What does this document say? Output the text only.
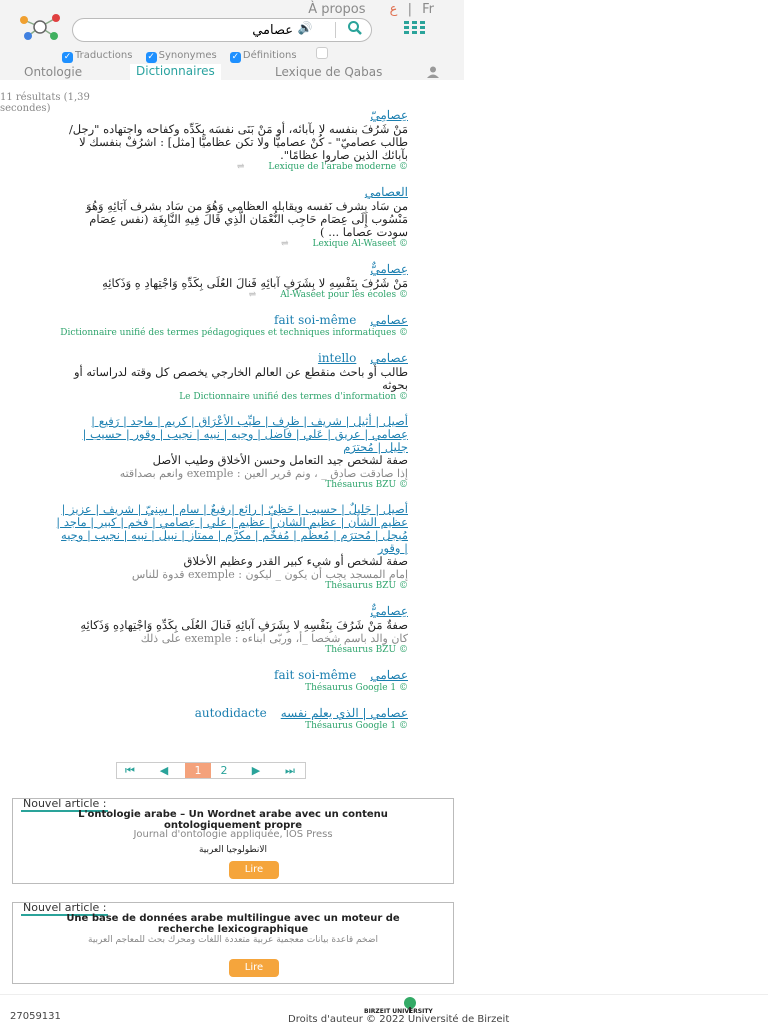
À propos ع | Fr
عصامي
🔊
✓ Traductions ✓ Synonymes ✓ Définitions
Ontologie	Dictionnaires	Lexique de Qabas
11 résultats (1,39 secondes)	عِصامِيّ
مَنْ شَرُفَ بنفسه لا بآبائه، أو مَنْ بَنَى نفسَه بكَدِّه وكفاحه واجتهاده "رجل/ طالب عصاميّ" - كُنْ عصاميًّا ولا تكن عظاميًّا [مثل] : اشرُفْ بنفسك لا بآبائك الذين صاروا عظامًا".
⇌	Lexique de l'arabe moderne ©
العصامي
من سَاد بِشرف نَفسه ويقابله العظامي وَهُوَ من سَاد بشرف آبَائِهِ وَهُوَ مَنْسُوب إِلَى عِصَام حَاجِب النُّعْمَان الَّذِي قَالَ فِيهِ النَّابِغَة (نفس عِصَام سودت عصاما ... )
⇌	Lexique Al-Waseet ©
عِصاميٌّ
مَنْ شَرُفَ بِنَفْسِهِ لا بِشَرَفِ آبائِهِ فَنالَ العُلَى بِكَدِّهِ وَاجْتِهادِ هِ وَذَكائِهِ
⇌	Al-Waseet pour les écoles ©
عصاميfait soi-même
Dictionnaire unifié des termes pédagogiques et techniques informatiques ©
عصاميintello
طالب أو باحث منقطع عن العالم الخارجي يخصص كل وقته لدراساته أو بحوثه
Le Dictionnaire unifié des termes d'information ©
أصيل | أثيل | شريف | ظرِف | طيِّب الأعْرَاق | كريم | ماجد | رَفيع | عِصامي | عريق | عَلي | فاضل | وجيه | نبيه | نجيب | وقور | حسيب | جليل | مُحترَم
صفة لشخص جيد التعامل وحسن الأخلاق وطيب الأصل
إذا صادقت صادق _ ، ونم قرير العين : exemple وانعم بصداقته
Thésaurus BZU ©
أصيل | جَليلٌ | حسيب | حَظِيّ | رائع |رفيعٌ | سام | سِنِيّ | شريف | عزيز | عظيم الشأن | عظيم الشان | عظيم | علي | عِصامي | فخم | كبير | ماجد | مُبجل | مُحترَم | مُعظّم | مُفخَّم | مكرَّم | ممتاز | نبيل | نبيه | نجيب | وجيه | وقور
صفة لشخص أو شيء كبير القدر وعظيم الأخلاق
إمام المسجد يجب أن يكون _ ليكون : exemple قدوة للناس
Thésaurus BZU ©
عِصاميٌّ
صفةٌ مَنْ شَرُفَ بِنَفْسِهِ لا بِشَرَفِ آبائِهِ فَنالَ العُلَى بِكَدِّهِ وَاجْتِهادِهِ وَذَكائِهِ
كان والد باسم شخصا _أ، وربّى ابناءه : exemple على ذلك
Thésaurus BZU ©
عصاميfait soi-même
Thésaurus Google 1 ©
عصامي | الذي يعلم نفسهautodidacte
Thésaurus Google 1 ©
⏮	◀	1	2	▶	⏭
Nouvel article :
L'ontologie arabe – Un Wordnet arabe avec un contenu ontologiquement propre
Journal d'ontologie appliquée, IOS Press
الانطولوجيا العربية
Lire
Nouvel article :
Une base de données arabe multilingue avec un moteur de recherche lexicographique
اضخم قاعدة بيانات معجمية عربية متعددة اللغات ومحرك بحث للمعاجم العربية
Lire
27059131	BIRZEIT UNIVERSITY
Droits d'auteur © 2022 Université de Birzeit
